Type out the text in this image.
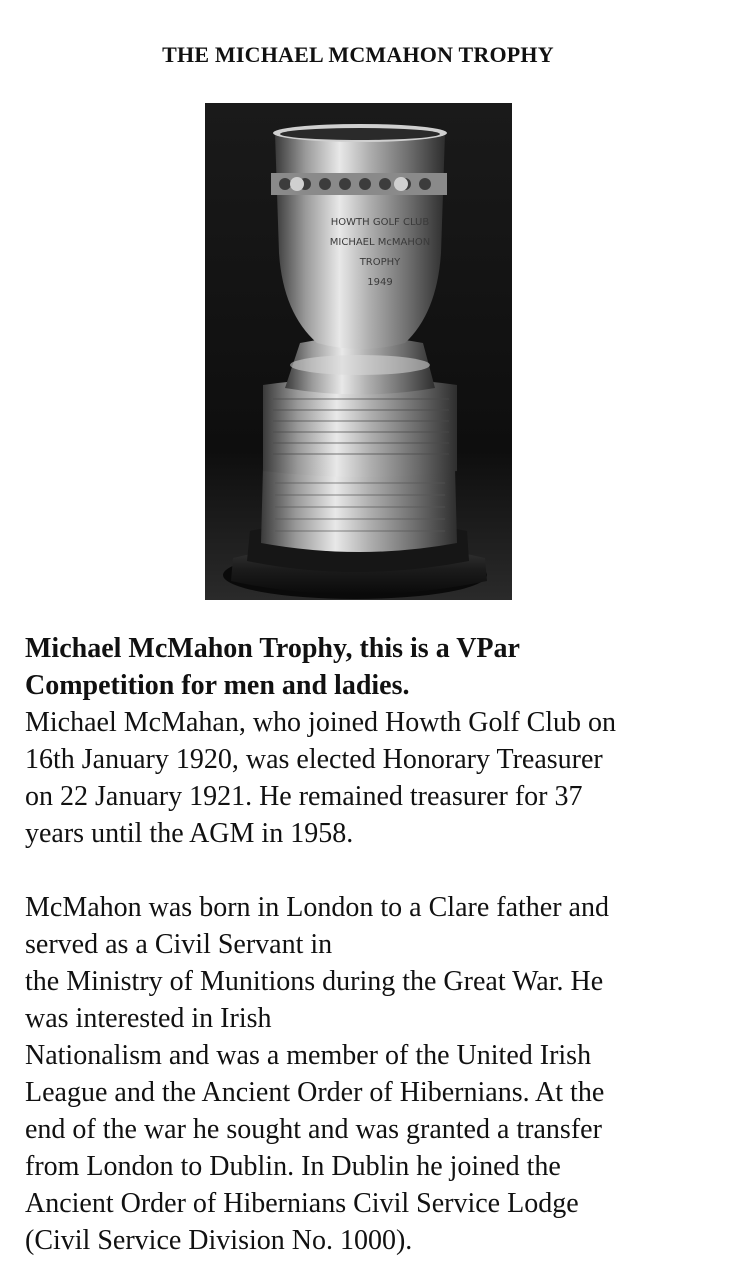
THE MICHAEL MCMAHON TROPHY
HOWTH GOLF CLUB
MICHAEL McMAHON
TROPHY
1949

Michael McMahon Trophy, this is a VPar
Competition for men and ladies.
Michael McMahan, who joined Howth Golf Club on
16th January 1920, was elected Honorary Treasurer
on 22 January 1921. He remained treasurer for 37
years until the AGM in 1958.

McMahon was born in London to a Clare father and
served as a Civil Servant in
the Ministry of Munitions during the Great War. He
was interested in Irish
Nationalism and was a member of the United Irish
League and the Ancient Order of Hibernians. At the
end of the war he sought and was granted a transfer
from London to Dublin. In Dublin he joined the
Ancient Order of Hibernians Civil Service Lodge
(Civil Service Division No. 1000).
